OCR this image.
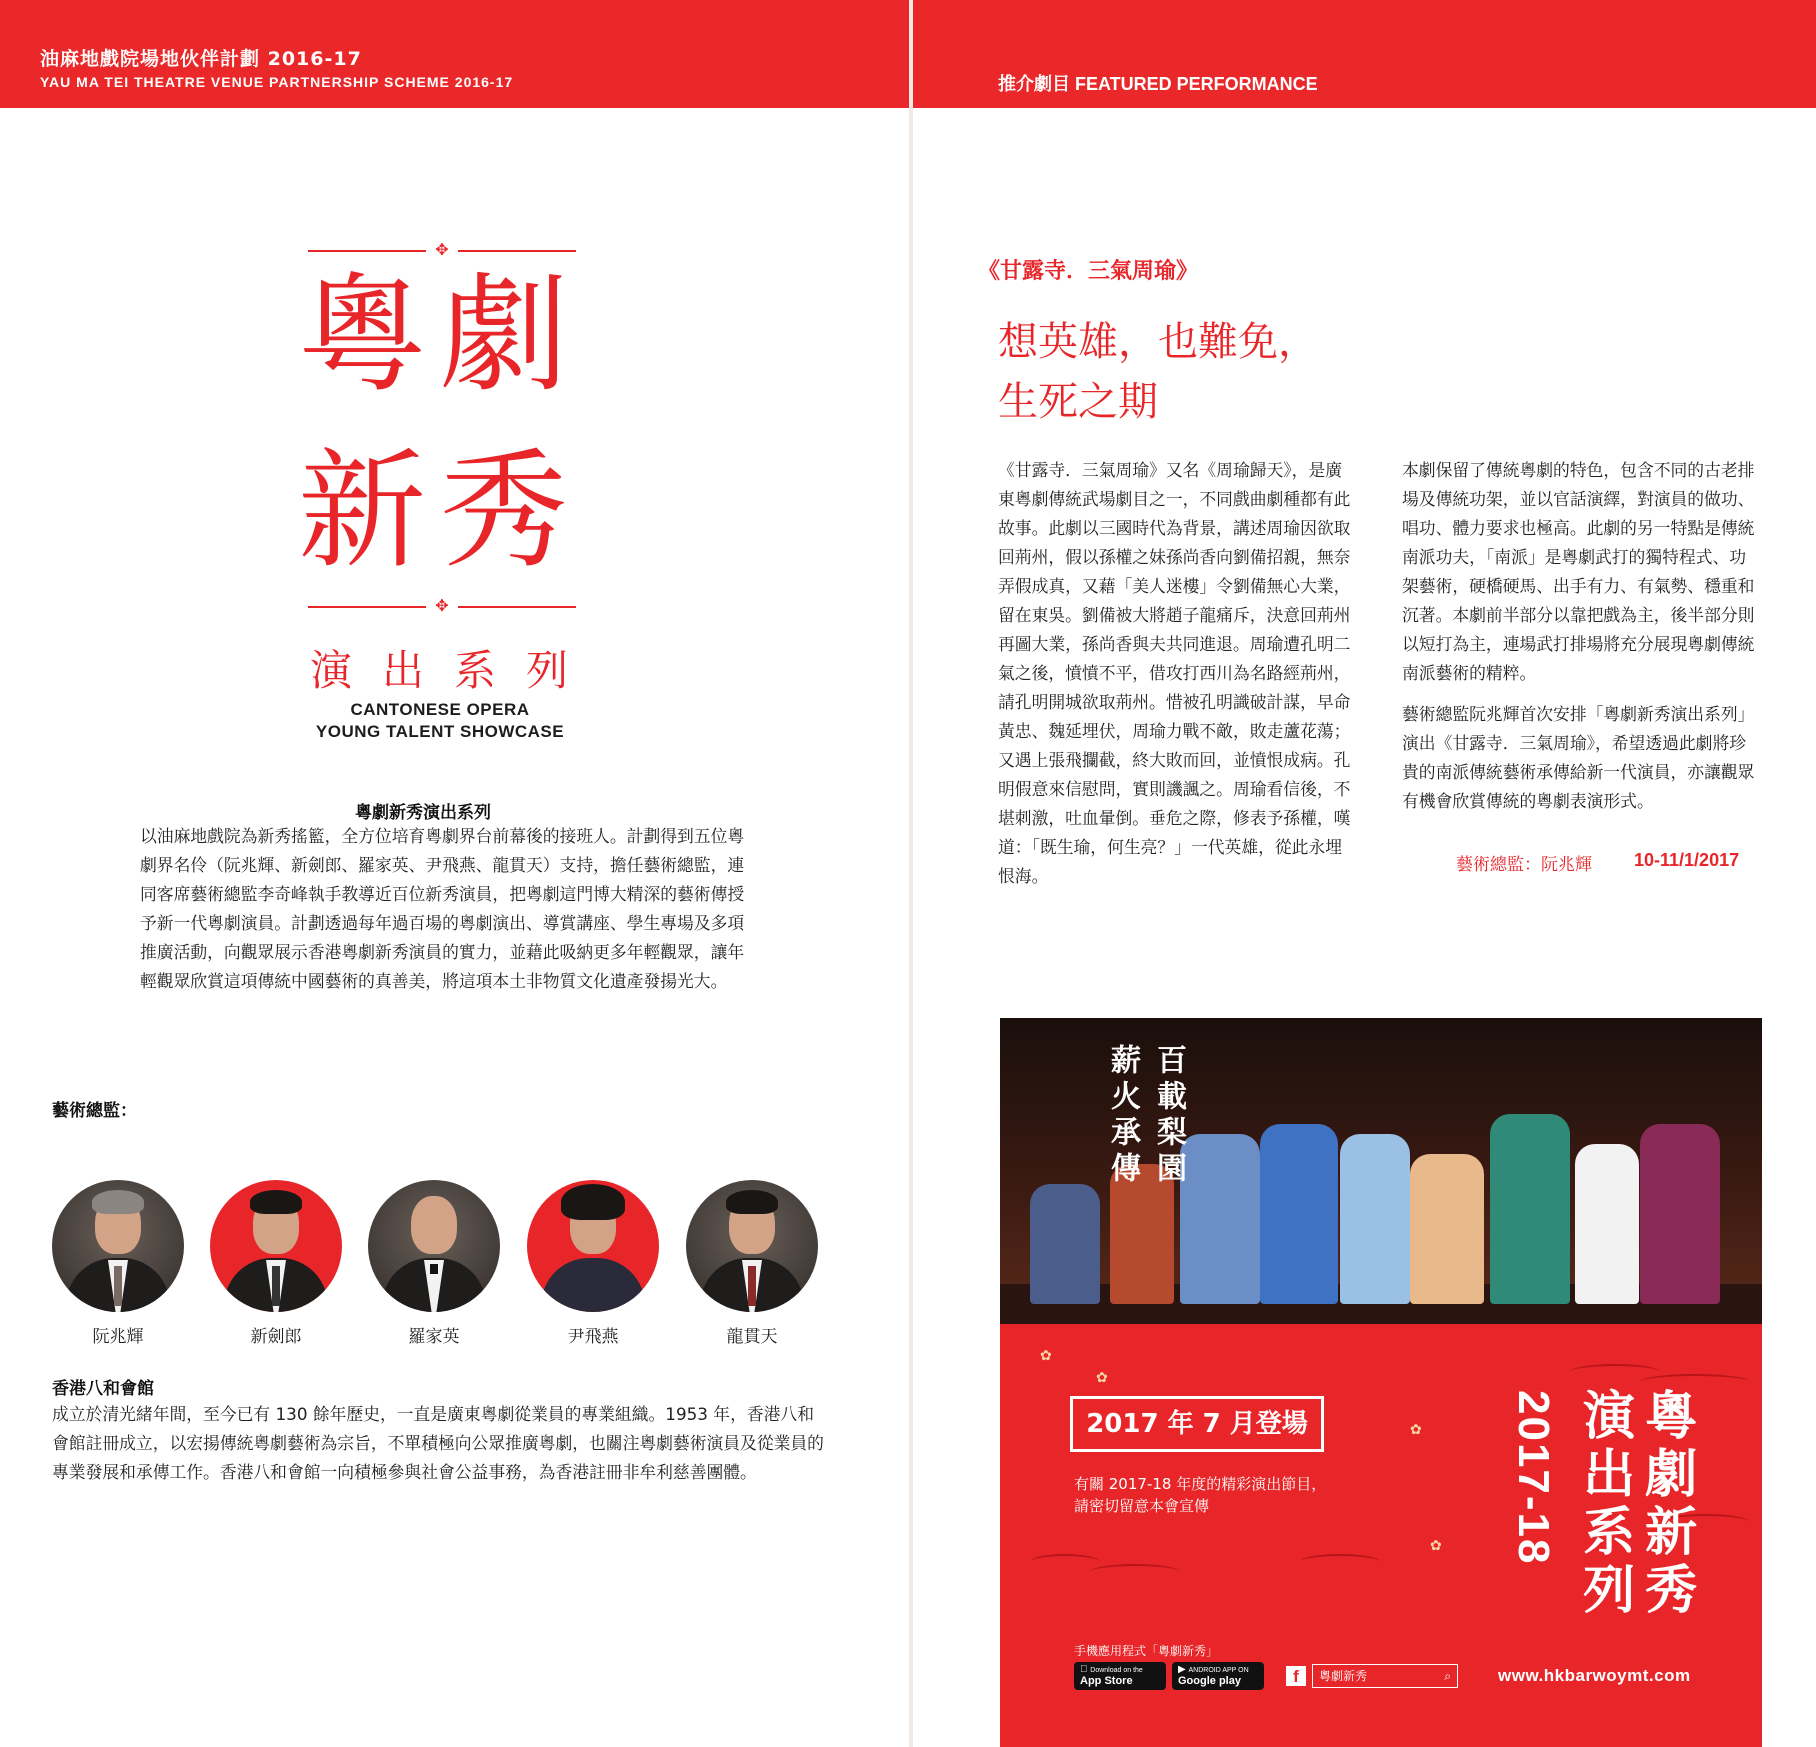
油麻地戲院場地伙伴計劃 2016-17
YAU MA TEI THEATRE VENUE PARTNERSHIP SCHEME 2016-17	推介劇目 FEATURED PERFORMANCE
✥
粵 劇
新 秀
✥
演出系列
CANTONESE OPERA
YOUNG TALENT SHOWCASE
粵劇新秀演出系列
以油麻地戲院為新秀搖籃，全方位培育粵劇界台前幕後的接班人。計劃得到五位粵劇界名伶（阮兆輝、新劍郎、羅家英、尹飛燕、龍貫天）支持，擔任藝術總監，連同客席藝術總監李奇峰執手教導近百位新秀演員，把粵劇這門博大精深的藝術傳授予新一代粵劇演員。計劃透過每年過百場的粵劇演出、導賞講座、學生專場及多項推廣活動，向觀眾展示香港粵劇新秀演員的實力，並藉此吸納更多年輕觀眾，讓年輕觀眾欣賞這項傳統中國藝術的真善美，將這項本土非物質文化遺產發揚光大。
藝術總監：
阮兆輝	新劍郎	羅家英	尹飛燕	龍貫天
香港八和會館
成立於清光緒年間，至今已有 130 餘年歷史，一直是廣東粵劇從業員的專業組織。1953 年，香港八和會館註冊成立，以宏揚傳統粵劇藝術為宗旨，不單積極向公眾推廣粵劇，也關注粵劇藝術演員及從業員的專業發展和承傳工作。香港八和會館一向積極參與社會公益事務，為香港註冊非牟利慈善團體。
《甘露寺．三氣周瑜》
想英雄，也難免，
生死之期
《甘露寺．三氣周瑜》又名《周瑜歸天》，是廣東粵劇傳統武場劇目之一，不同戲曲劇種都有此故事。此劇以三國時代為背景，講述周瑜因欲取回荊州，假以孫權之妹孫尚香向劉備招親，無奈弄假成真，又藉「美人迷樓」令劉備無心大業，留在東吳。劉備被大將趙子龍痛斥，決意回荊州再圖大業，孫尚香與夫共同進退。周瑜遭孔明二氣之後，憤憤不平，借攻打西川為名路經荊州，請孔明開城欲取荊州。惜被孔明識破計謀，早命黃忠、魏延埋伏，周瑜力戰不敵，敗走蘆花蕩；又遇上張飛攔截，終大敗而回，並憤恨成病。孔明假意來信慰問，實則譏諷之。周瑜看信後，不堪刺激，吐血暈倒。垂危之際，修表予孫權，嘆道：「既生瑜，何生亮？」一代英雄，從此永埋恨海。
本劇保留了傳統粵劇的特色，包含不同的古老排場及傳統功架，並以官話演繹，對演員的做功、唱功、體力要求也極高。此劇的另一特點是傳統南派功夫，「南派」是粵劇武打的獨特程式、功架藝術，硬橋硬馬、出手有力、有氣勢、穩重和沉著。本劇前半部分以靠把戲為主，後半部分則以短打為主，連場武打排場將充分展現粵劇傳統南派藝術的精粹。
藝術總監阮兆輝首次安排「粵劇新秀演出系列」演出《甘露寺．三氣周瑜》，希望透過此劇將珍貴的南派傳統藝術承傳給新一代演員，亦讓觀眾有機會欣賞傳統的粵劇表演形式。
藝術總監：阮兆輝 10-11/1/2017
薪火承傳 百載梨園
✿
✿
✿
✿
2017 年 7 月登場
有關 2017-18 年度的精彩演出節目，
請密切留意本會宣傳	粵劇新秀
演出系列
2017-18
手機應用程式「粵劇新秀」
Download on the
App Store
▶ ANDROID APP ON
Google play	f	粵劇新秀	⌕	www.hkbarwoymt.com
